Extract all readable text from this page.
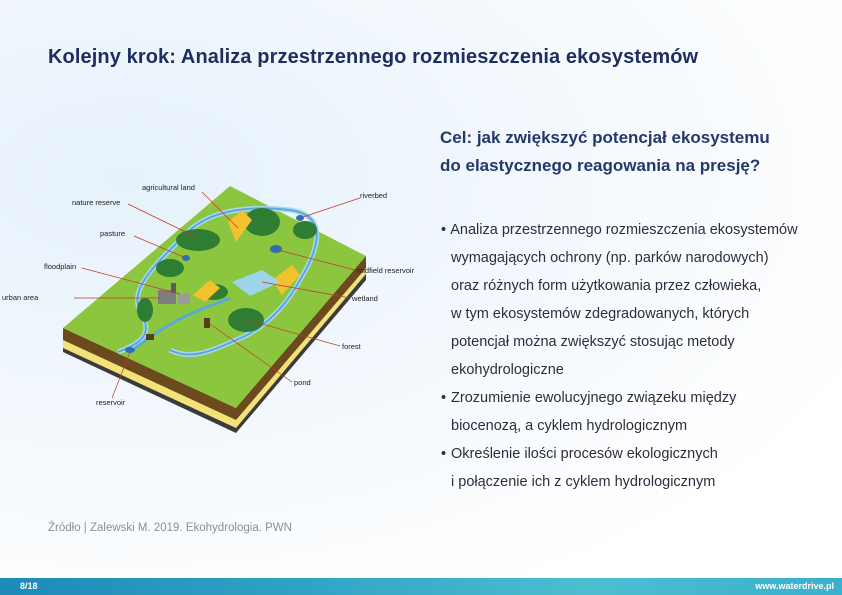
Kolejny krok: Analiza przestrzennego rozmieszczenia ekosystemów
Cel: jak zwiększyć potencjał ekosystemu
do elastycznego reagowania na presję?
• Analiza przestrzennego rozmieszczenia ekosystemów
wymagających ochrony (np. parków narodowych)
oraz różnych form użytkowania przez człowieka,
w tym ekosystemów zdegradowanych, których
potencjał można zwiększyć stosując metody
ekohydrologiczne
• Zrozumienie ewolucyjnego związeku między
biocenozą, a cyklem hydrologicznym
• Określenie ilości procesów ekologicznych
i połączenie ich z cyklem hydrologicznym
agricultural land
nature reserve
riverbed
pasture
floodplain	midfield reservoir
urban area	wetland
forest
pond
reservoir
Źródło | Zalewski M. 2019. Ekohydrologia. PWN
8/18	www.waterdrive.pl
